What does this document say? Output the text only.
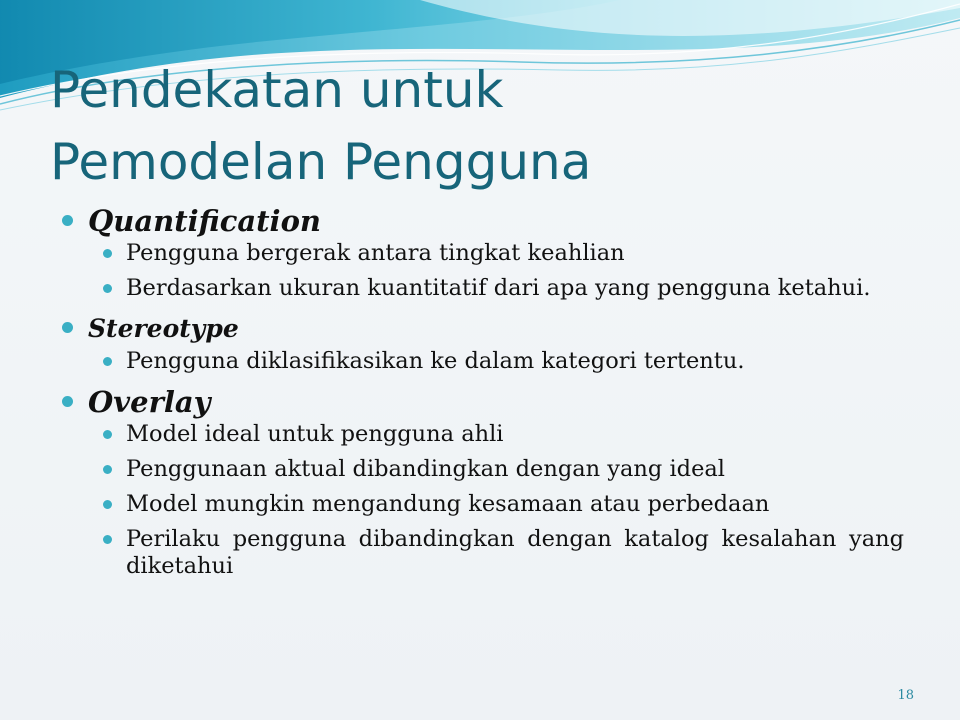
Pendekatan untuk
Pemodelan Pengguna

Quantification

Pengguna bergerak antara tingkat keahlian
Berdasarkan ukuran kuantitatif dari apa yang pengguna ketahui.

Stereotype

Pengguna diklasifikasikan ke dalam kategori tertentu.

Overlay

Model ideal untuk pengguna ahli
Penggunaan aktual dibandingkan dengan yang ideal
Model mungkin mengandung kesamaan atau perbedaan
Perilaku pengguna dibandingkan dengan katalog kesalahan yang diketahui
18
